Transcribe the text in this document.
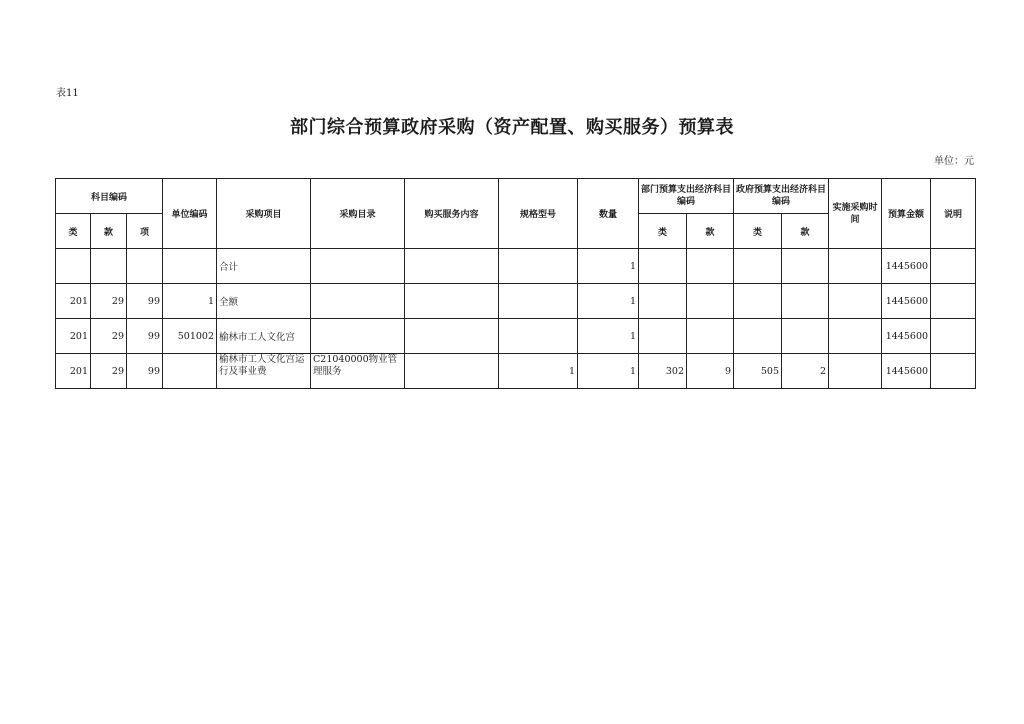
表11
部门综合预算政府采购（资产配置、购买服务）预算表
单位：元
科目编码			单位编码	采购项目	采购目录	购买服务内容	规格型号	数量	部门预算支出经济科目编码		政府预算支出经济科目编码		实施采购时间	预算金额	说明
类	款	项							类	款	类	款			
				合计				1						1445600	
201	29	99	1	全额				1						1445600	
201	29	99	501002	榆林市工人文化宫				1						1445600	
201	29	99		榆林市工人文化宫运行及事业费	C21040000物业管理服务		1	1	302	9	505	2		1445600	
